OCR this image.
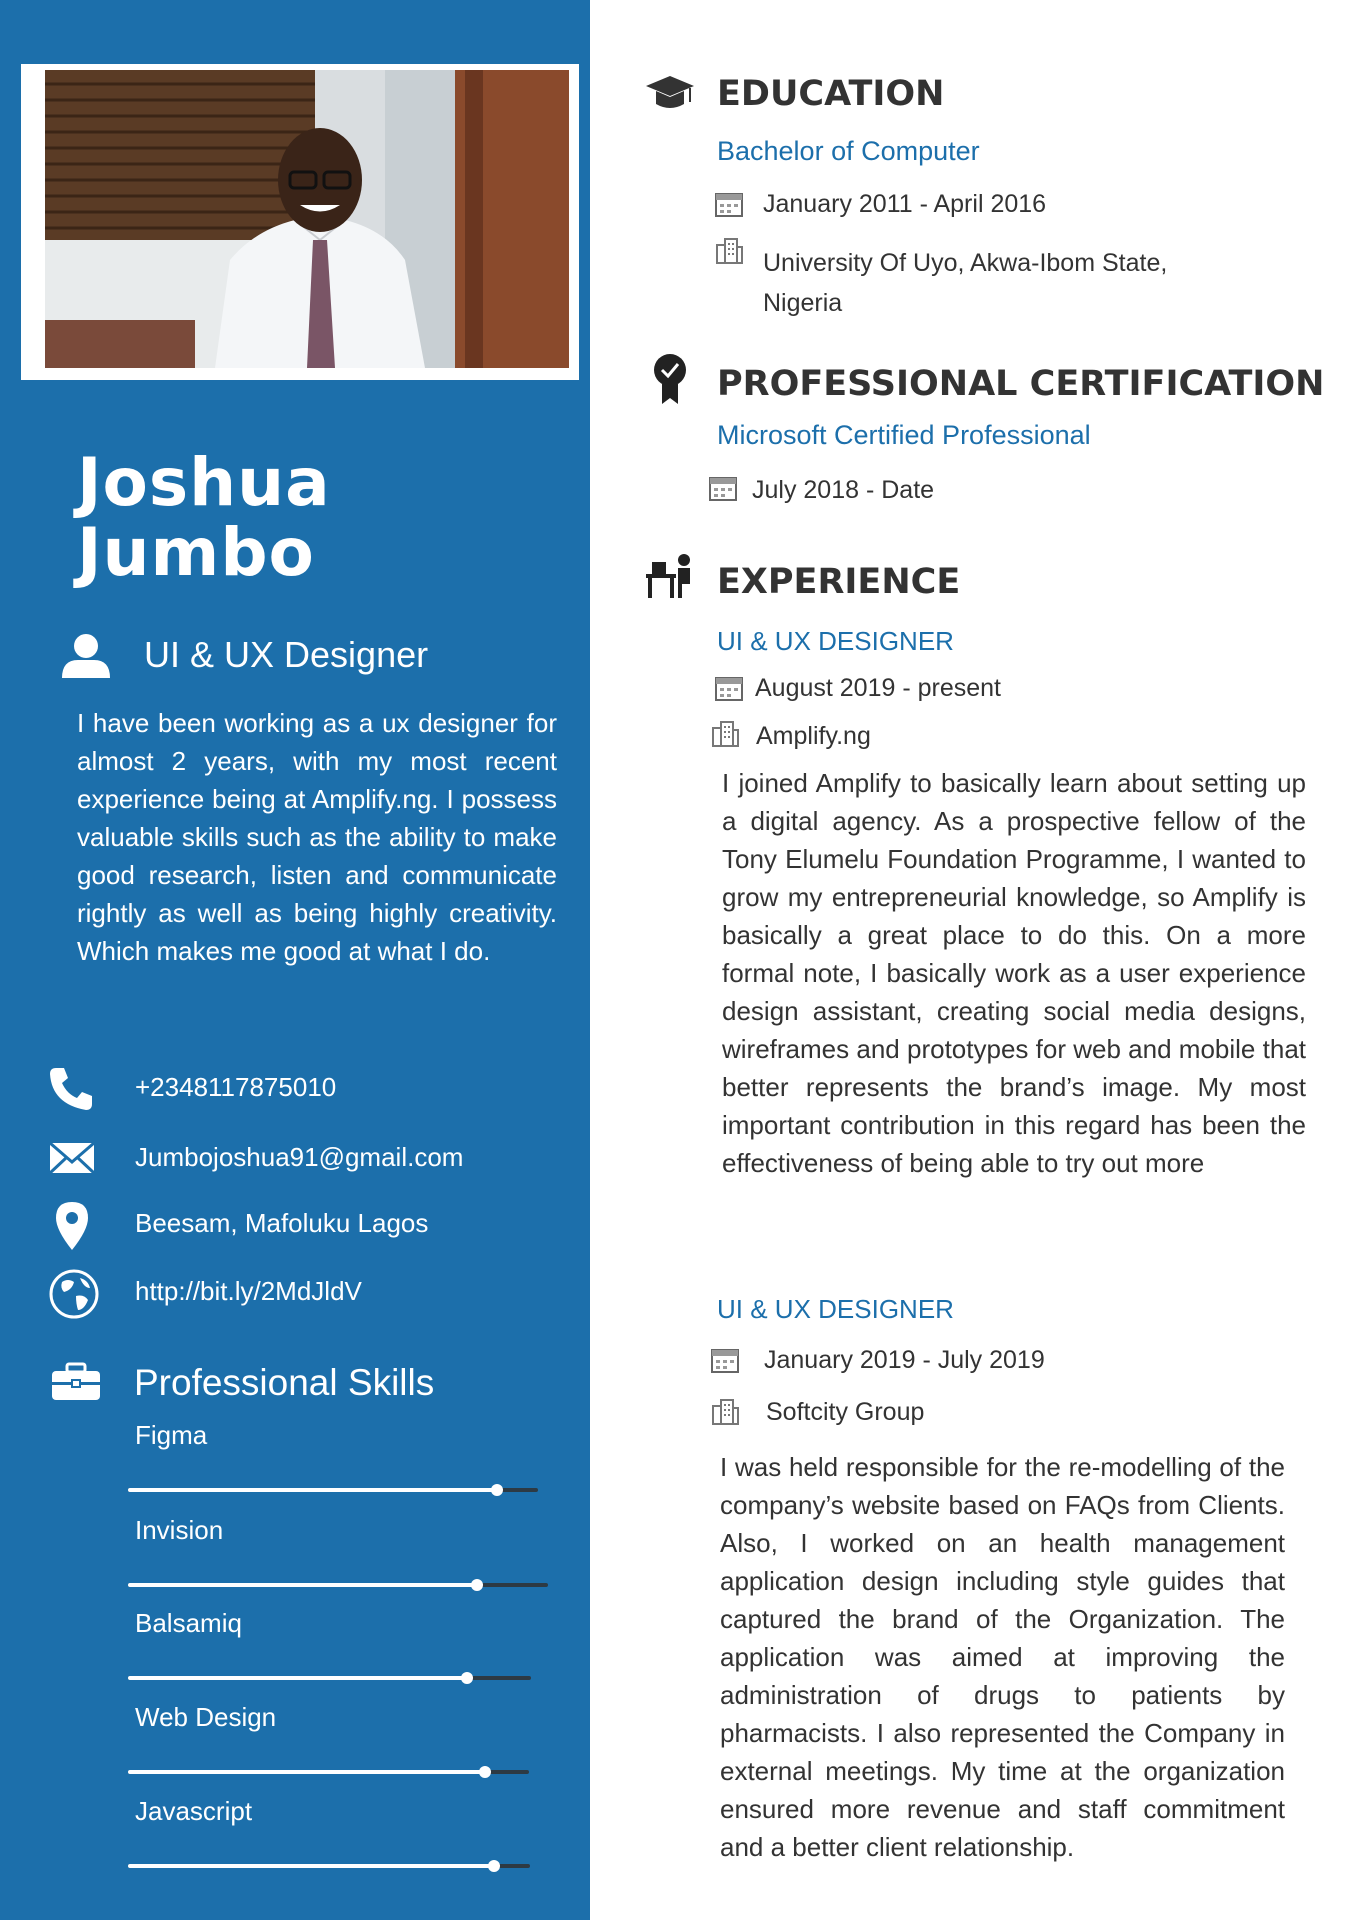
Joshua
Jumbo
UI & UX Designer
I have been working as a ux designer for almost 2 years, with my most recent experience being at Amplify.ng. I possess valuable skills such as the ability to make good research, listen and communicate rightly as well as being highly creativity. Which makes me good at what I do.
+2348117875010
Jumbojoshua91@gmail.com
Beesam, Mafoluku Lagos
http://bit.ly/2MdJldV
Professional Skills
Figma
Invision
Balsamiq
Web Design
Javascript
EDUCATION
Bachelor of Computer
January 2011 - April 2016
University Of Uyo, Akwa-Ibom State,
Nigeria
PROFESSIONAL CERTIFICATION
Microsoft Certified Professional
July 2018 - Date
EXPERIENCE
UI & UX DESIGNER
August 2019 - present
Amplify.ng
I joined Amplify to basically learn about setting up a digital agency. As a prospective fellow of the Tony Elumelu Foundation Programme, I wanted to grow my entrepreneurial knowledge, so Amplify is basically a great place to do this. On a more formal note, I basically work as a user experience design assistant, creating social media designs, wireframes and prototypes for web and mobile that better represents the brand’s image. My most important contribution in this regard has been the effectiveness of being able to try out more
UI & UX DESIGNER
January 2019 - July 2019
Softcity Group
I was held responsible for the re-modelling of the company’s website based on FAQs from Clients. Also, I worked on an health management application design including style guides that captured the brand of the Organization. The application was aimed at improving the administration of drugs to patients by pharmacists. I also represented the Company in external meetings. My time at the organization ensured more revenue and staff commitment and a better client relationship.
